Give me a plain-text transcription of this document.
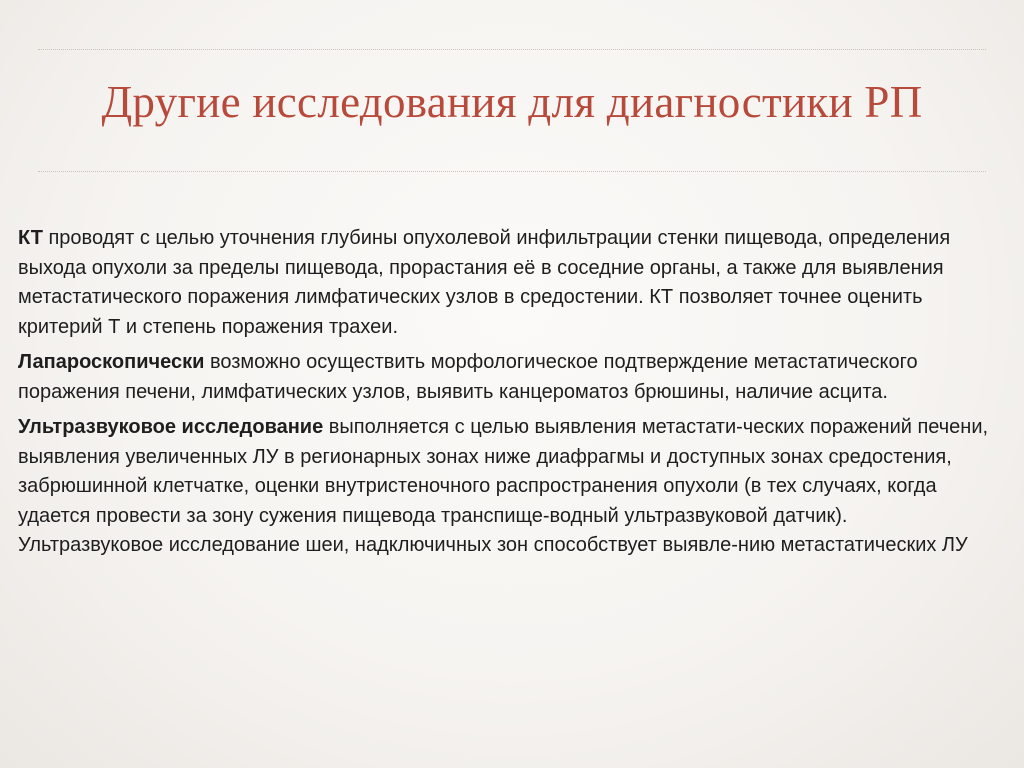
Другие исследования для диагностики РП

КТ проводят с целью уточнения глубины опухолевой инфильтрации стенки пищевода, определения выхода опухоли за пределы пищевода, прорастания её в соседние органы, а также для выявления метастатического поражения лимфатических узлов в средостении. КТ позволяет точнее оценить критерий Т и степень поражения трахеи.

Лапароскопически возможно осуществить морфологическое подтверждение метастатического поражения печени, лимфатических узлов, выявить канцероматоз брюшины, наличие асцита.

Ультразвуковое исследование выполняется с целью выявления метастати-ческих поражений печени, выявления увеличенных ЛУ в регионарных зонах ниже диафрагмы и доступных зонах средостения, забрюшинной клетчатке, оценки внутристеночного распространения опухоли (в тех случаях, когда удается провести за зону сужения пищевода транспище-водный ультразвуковой датчик).

Ультразвуковое исследование шеи, надключичных зон способствует выявле-нию метастатических ЛУ
